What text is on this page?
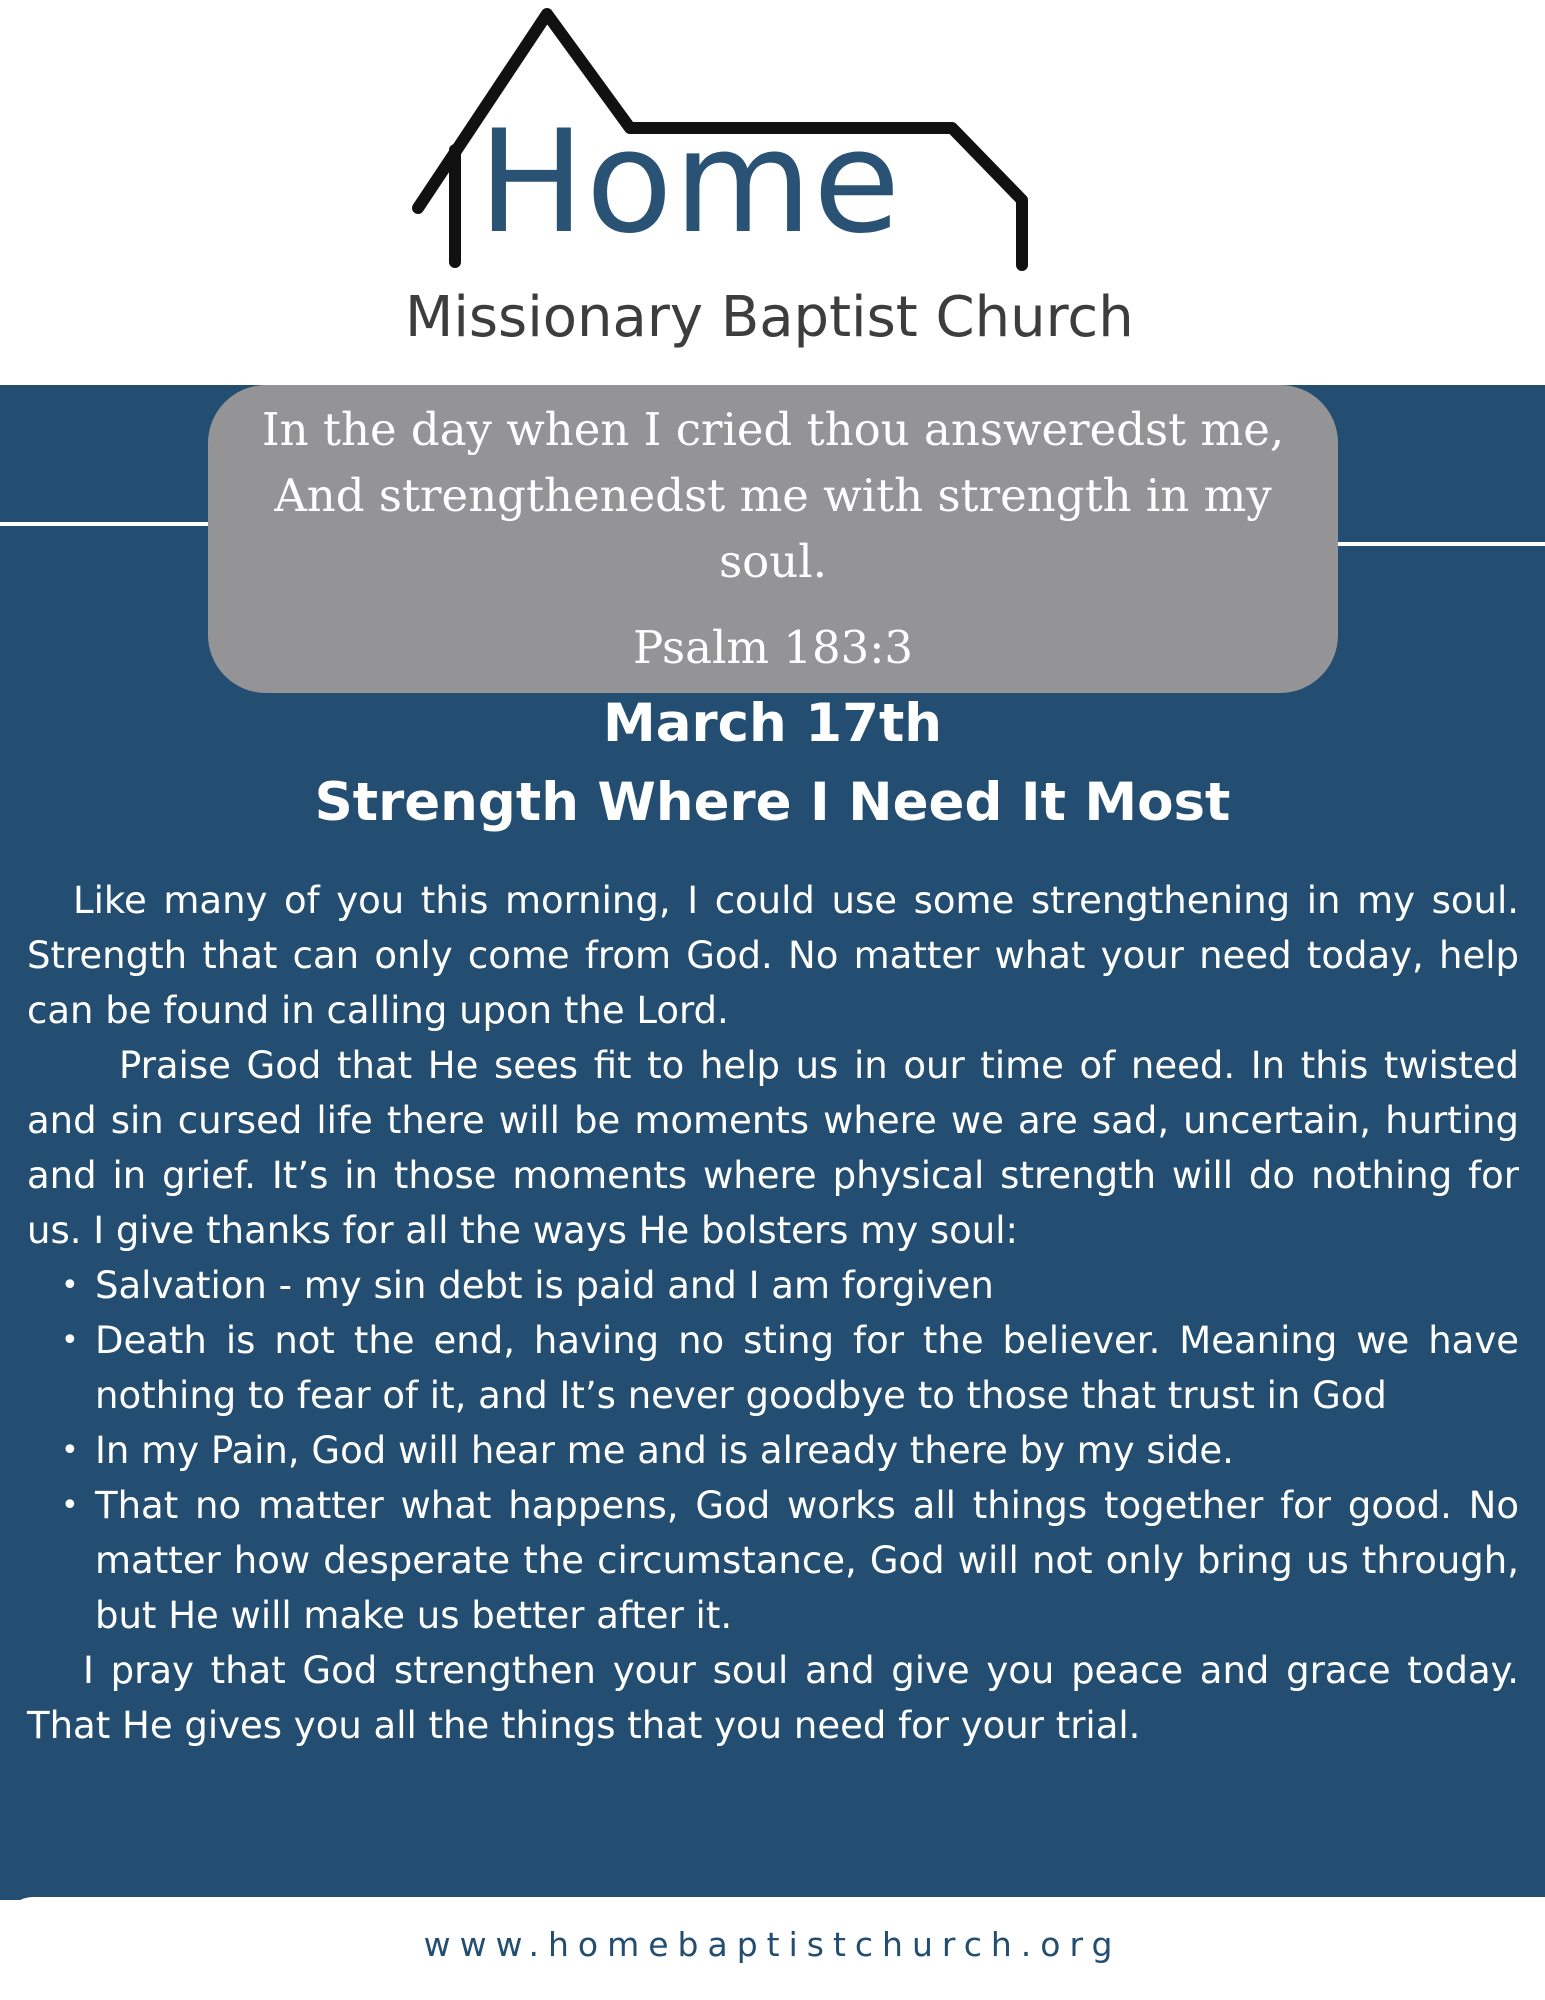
Home
Missionary Baptist Church
In the day when I cried thou answeredst me, And strengthenedst me with strength in my soul.
Psalm 183:3
March 17th
Strength Where I Need It Most

Like many of you this morning, I could use some strengthening in my soul. Strength that can only come from God. No matter what your need today, help can be found in calling upon the Lord.

Praise God that He sees fit to help us in our time of need. In this twisted and sin cursed life there will be moments where we are sad, uncertain, hurting and in grief. It’s in those moments where physical strength will do nothing for us. I give thanks for all the ways He bolsters my soul:

• Salvation - my sin debt is paid and I am forgiven
• Death is not the end, having no sting for the believer. Meaning we have nothing to fear of it, and It’s never goodbye to those that trust in God
• In my Pain, God will hear me and is already there by my side.
• That no matter what happens, God works all things together for good. No matter how desperate the circumstance, God will not only bring us through, but He will make us better after it.

I pray that God strengthen your soul and give you peace and grace today. That He gives you all the things that you need for your trial.

www.homebaptistchurch.org
